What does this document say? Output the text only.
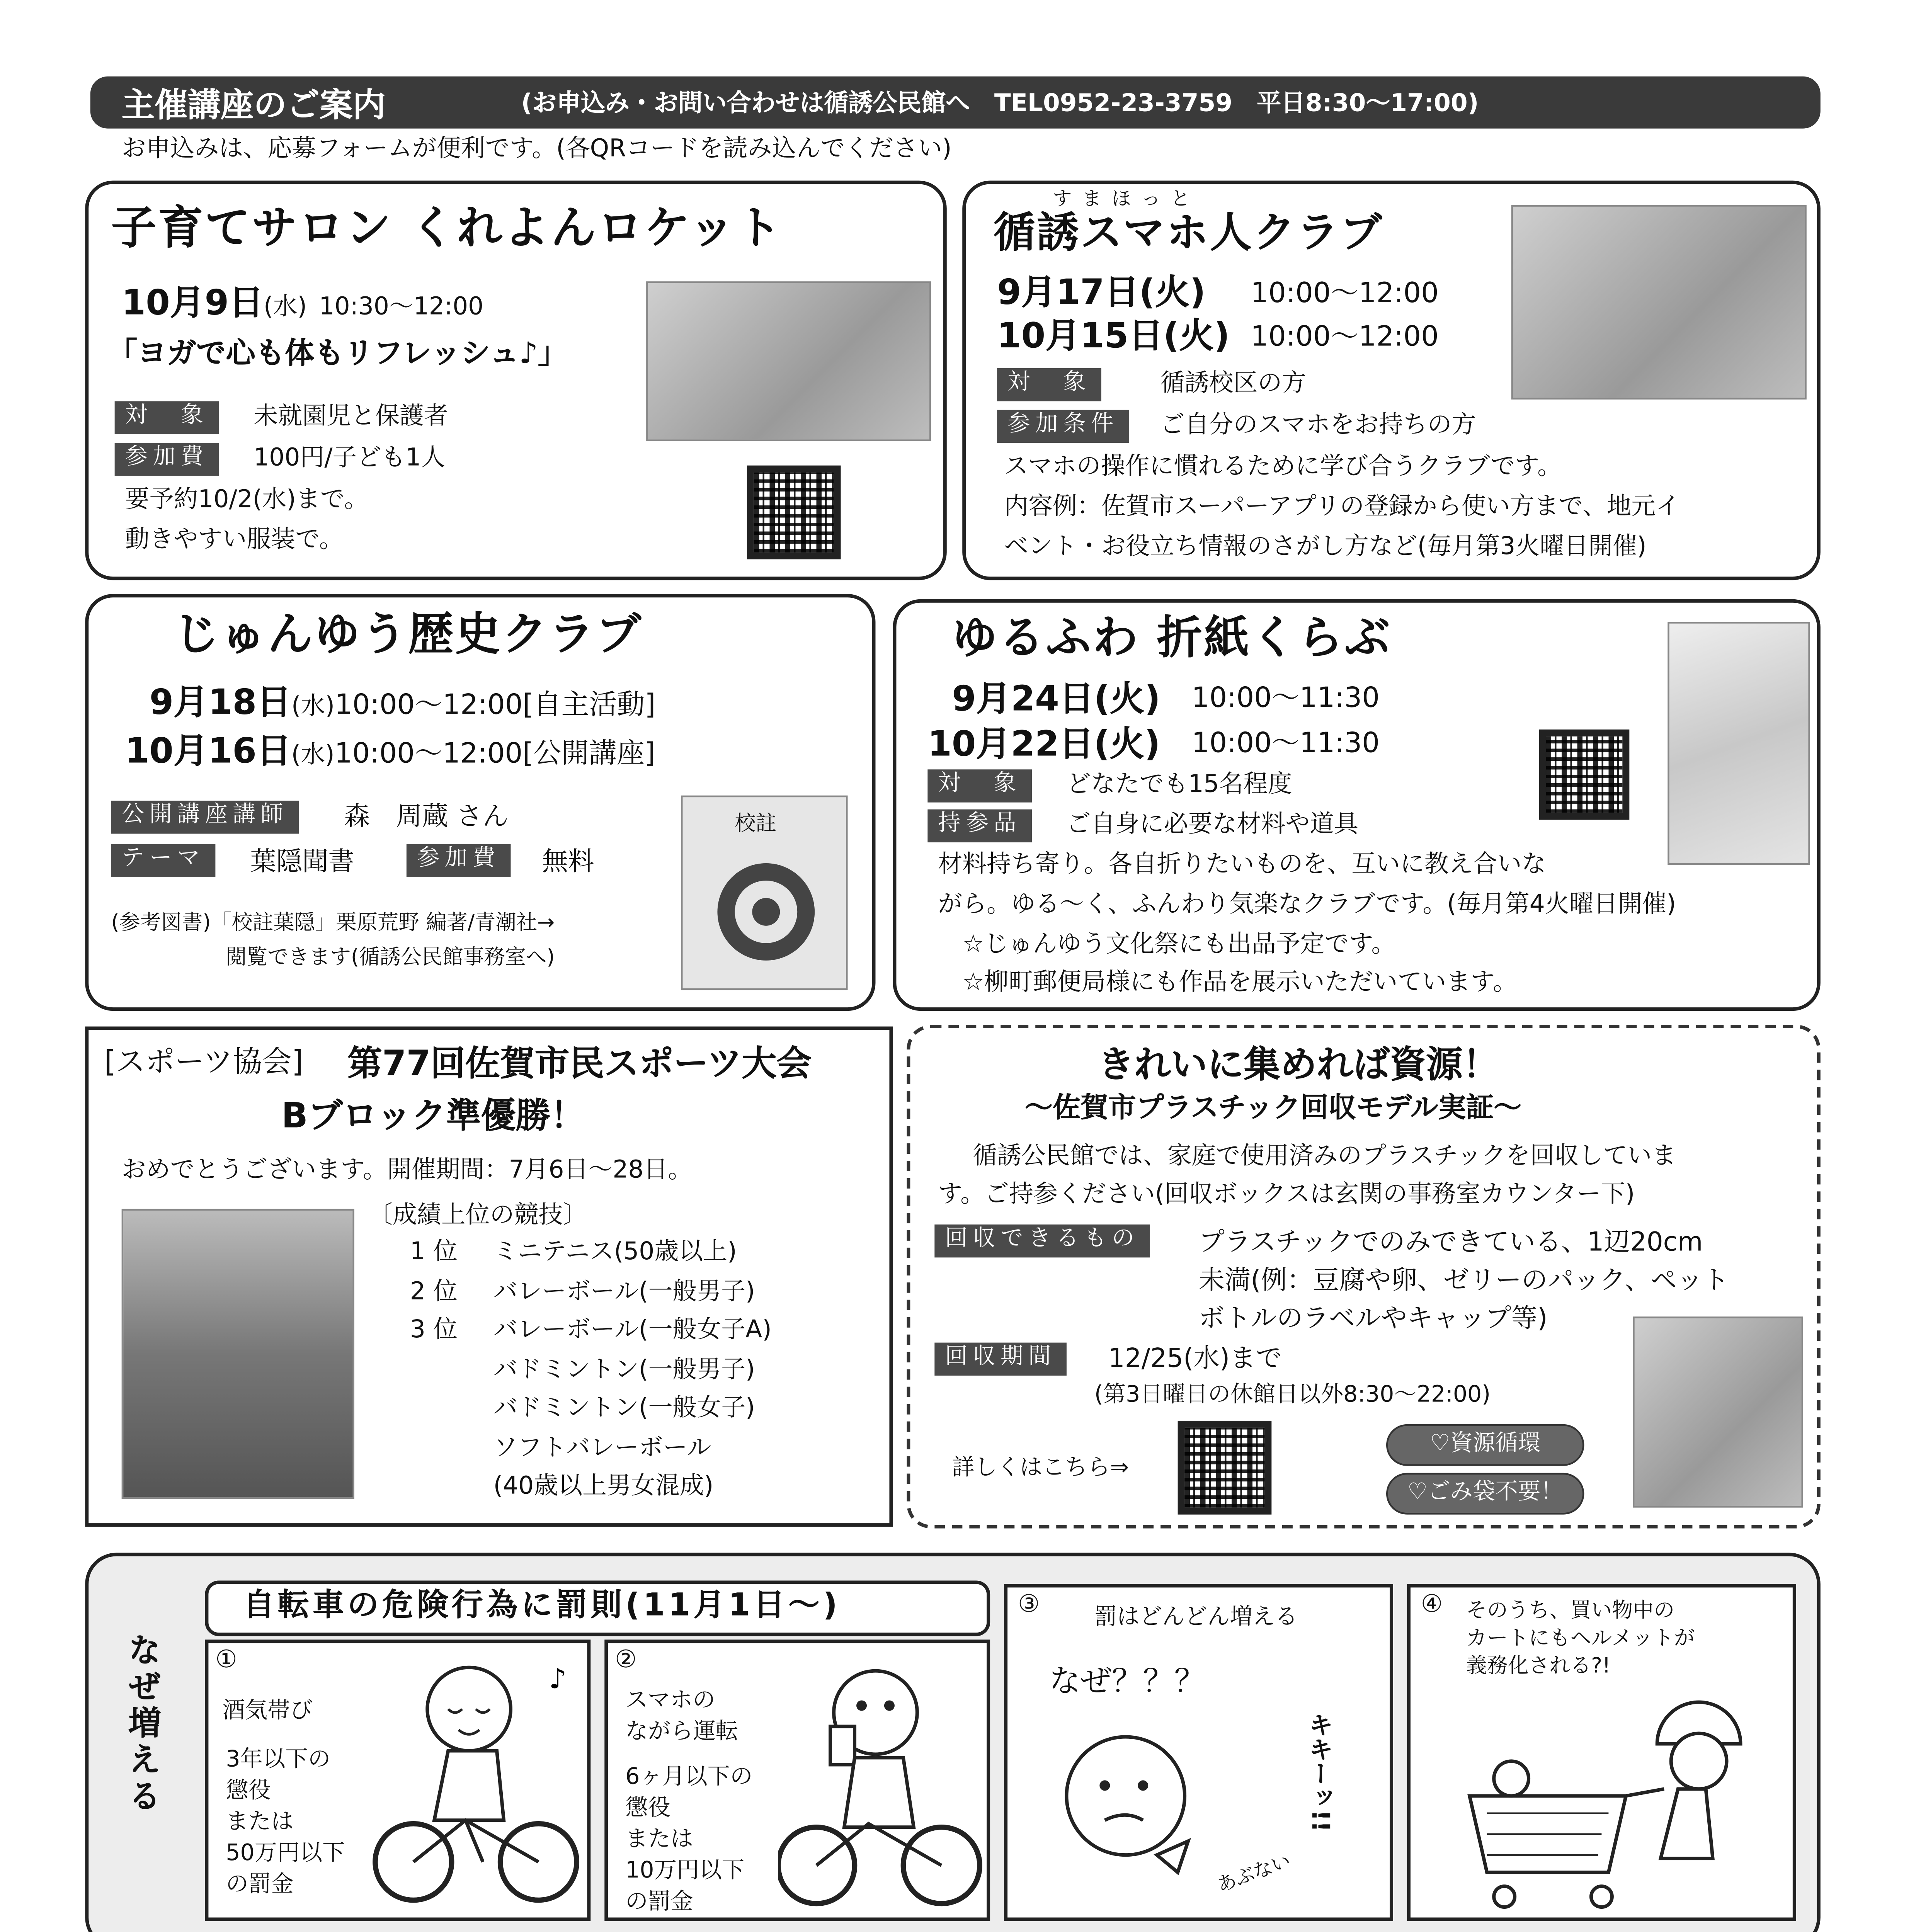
主催講座のご案内	(お申込み・お問い合わせは循誘公民館へ　TEL0952-23-3759　平日8:30～17:00)
お申込みは、応募フォームが便利です。(各QRコードを読み込んでください)
子育てサロン くれよんロケット
10月9日(水) 10:30～12:00
「ヨガで心も体もリフレッシュ♪」
対　象	未就園児と保護者
参加費	100円/子ども1人
要予約10/2(水)まで。
動きやすい服装で。
すまほっと
循誘スマホ人クラブ
9月17日(火)	10:00～12:00
10月15日(火)	10:00～12:00
対　象	循誘校区の方
参加条件	ご自分のスマホをお持ちの方
スマホの操作に慣れるために学び合うクラブです。
内容例：佐賀市スーパーアプリの登録から使い方まで、地元イ
ベント・お役立ち情報のさがし方など(毎月第3火曜日開催)
じゅんゆう歴史クラブ
9月18日(水)10:00～12:00[自主活動]
10月16日(水)10:00～12:00[公開講座]
公開講座講師	森　周蔵 さん
テーマ	葉隠聞書	参加費	無料
(参考図書)「校註葉隠」栗原荒野 編著/青潮社→
閲覧できます(循誘公民館事務室へ)
校註
ゆるふわ 折紙くらぶ
9月24日(火)	10:00～11:30
10月22日(火)	10:00～11:30
対　象	どなたでも15名程度
持参品	ご自身に必要な材料や道具
材料持ち寄り。各自折りたいものを、互いに教え合いな
がら。ゆる～く、ふんわり気楽なクラブです。(毎月第4火曜日開催)
☆じゅんゆう文化祭にも出品予定です。
☆柳町郵便局様にも作品を展示いただいています。
[スポーツ協会]	第77回佐賀市民スポーツ大会
Bブロック準優勝！
おめでとうございます。開催期間：7月6日～28日。
〔成績上位の競技〕
1 位	ミニテニス(50歳以上)
2 位	バレーボール(一般男子)
3 位	バレーボール(一般女子A)
バドミントン(一般男子)
バドミントン(一般女子)
ソフトバレーボール
(40歳以上男女混成)
きれいに集めれば資源！
～佐賀市プラスチック回収モデル実証～
循誘公民館では、家庭で使用済みのプラスチックを回収していま
す。ご持参ください(回収ボックスは玄関の事務室カウンター下)
回収できるもの	プラスチックでのみできている、1辺20cm
未満(例：豆腐や卵、ゼリーのパック、ペット
ボトルのラベルやキャップ等)
回収期間	12/25(水)まで
(第3日曜日の休館日以外8:30～22:00)
詳しくはこちら⇒
♡資源循環
♡ごみ袋不要！
なぜ増える
自転車の危険行為に罰則(11月1日～)
①
酒気帯び
3年以下の
懲役
または
50万円以下
の罰金
♪
②
スマホの
ながら運転
6ヶ月以下の
懲役
または
10万円以下
の罰金
③	罰はどんどん増える
なぜ？？？
キキーッ!!
あぶない
④	そのうち、買い物中の
カートにもヘルメットが
義務化される?!
